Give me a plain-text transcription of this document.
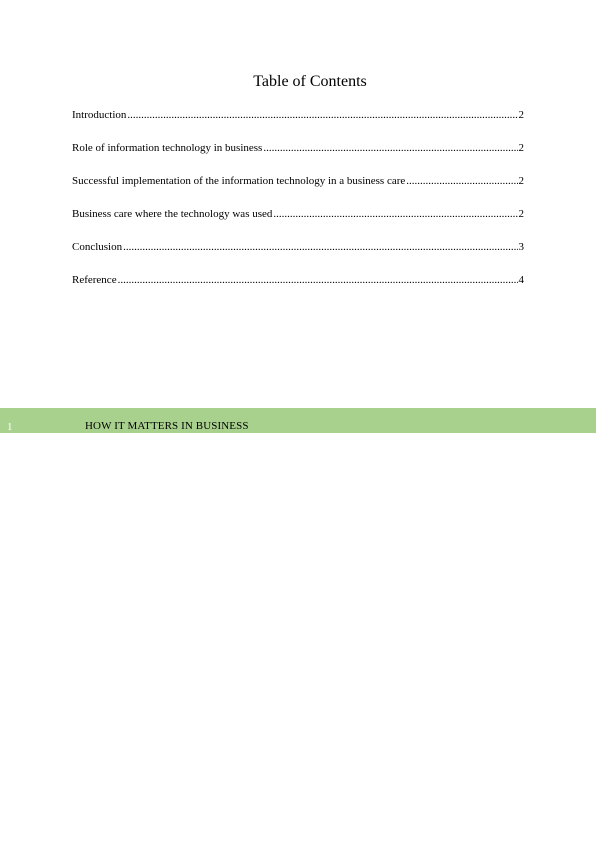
Table of Contents
Introduction .....	2
Role of information technology in business .....	2
Successful implementation of the information technology in a business care .....	2
Business care where the technology was used .....	2
Conclusion .....	3
Reference .....	4
1	HOW IT MATTERS IN BUSINESS
